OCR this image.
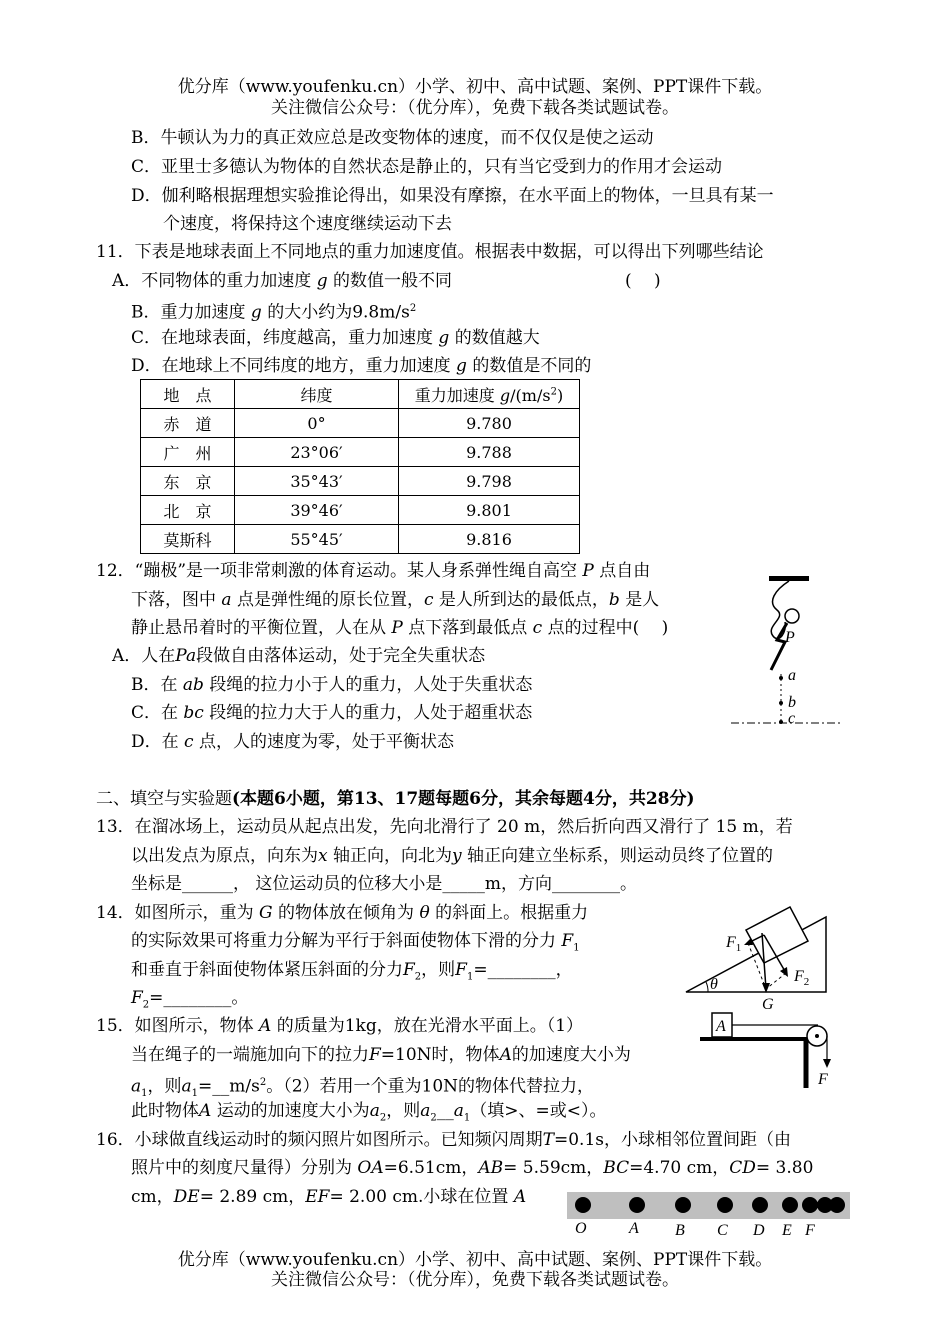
优分库（www.youfenku.cn）小学、初中、高中试题、案例、PPT课件下载。
关注微信公众号：（优分库），免费下载各类试题试卷。
B．牛顿认为力的真正效应总是改变物体的速度，而不仅仅是使之运动
C．亚里士多德认为物体的自然状态是静止的，只有当它受到力的作用才会运动
D．伽利略根据理想实验推论得出，如果没有摩擦，在水平面上的物体，一旦具有某一
个速度，将保持这个速度继续运动下去
11．下表是地球表面上不同地点的重力加速度值。根据表中数据，可以得出下列哪些结论
A．不同物体的重力加速度 g 的数值一般不同	(　 )
B．重力加速度 g 的大小约为$9.8m/s^2$
C．在地球表面，纬度越高，重力加速度 g 的数值越大
D．在地球上不同纬度的地方，重力加速度 g 的数值是不同的
地　点	纬度	重力加速度 $g/(m/s^2)$
赤　道	0°	9.780
广　州	23°06′	9.788
东　京	35°43′	9.798
北　京	39°46′	9.801
莫斯科	55°45′	9.816
12．“蹦极”是一项非常刺激的体育运动。某人身系弹性绳自高空 P 点自由
下落，图中 a 点是弹性绳的原长位置，c 是人所到达的最低点，b 是人
静止悬吊着时的平衡位置，人在从 P 点下落到最低点 c 点的过程中(　 )
A．人在Pa段做自由落体运动，处于完全失重状态
B．在 ab 段绳的拉力小于人的重力，人处于失重状态
C．在 bc 段绳的拉力大于人的重力，人处于超重状态
D．在 c 点，人的速度为零，处于平衡状态
P
a
b
c
二、填空与实验题(本题6小题，第13、17题每题6分，其余每题4分，共28分)
13．在溜冰场上，运动员从起点出发，先向北滑行了 20 m，然后折向西又滑行了 15 m，若
以出发点为原点，向东为x 轴正向，向北为y 轴正向建立坐标系，则运动员终了位置的
坐标是______， 这位运动员的位移大小是_____m，方向________。
14．如图所示，重为 G 的物体放在倾角为 θ 的斜面上。根据重力
的实际效果可将重力分解为平行于斜面使物体下滑的分力 $F_1$
和垂直于斜面使物体紧压斜面的分力$F_2$，则$F_1=\_\_\_\_\_\_\_\_$，
$F_2=\_\_\_\_\_\_\_\_$。
$F_1$
$F_2$
θ
G
15．如图所示，物体 A 的质量为1kg，放在光滑水平面上。（1）
当在绳子的一端施加向下的拉力F=10N时，物体A的加速度大小为
$a_1$，则$a_1=\_\_m/s^2$。（2）若用一个重为10N的物体代替拉力，
此时物体A 运动的加速度大小为$a_2$，则$a_2\_\_a_1$（填>、=或<）。
A
F
16．小球做直线运动时的频闪照片如图所示。已知频闪周期T=0.1s，小球相邻位置间距（由
照片中的刻度尺量得）分别为 OA=6.51cm，AB= 5.59cm，BC=4.70 cm，CD= 3.80
cm，DE= 2.89 cm，EF= 2.00 cm.小球在位置 A
O	A B C D E F
优分库（www.youfenku.cn）小学、初中、高中试题、案例、PPT课件下载。
关注微信公众号：（优分库），免费下载各类试题试卷。
